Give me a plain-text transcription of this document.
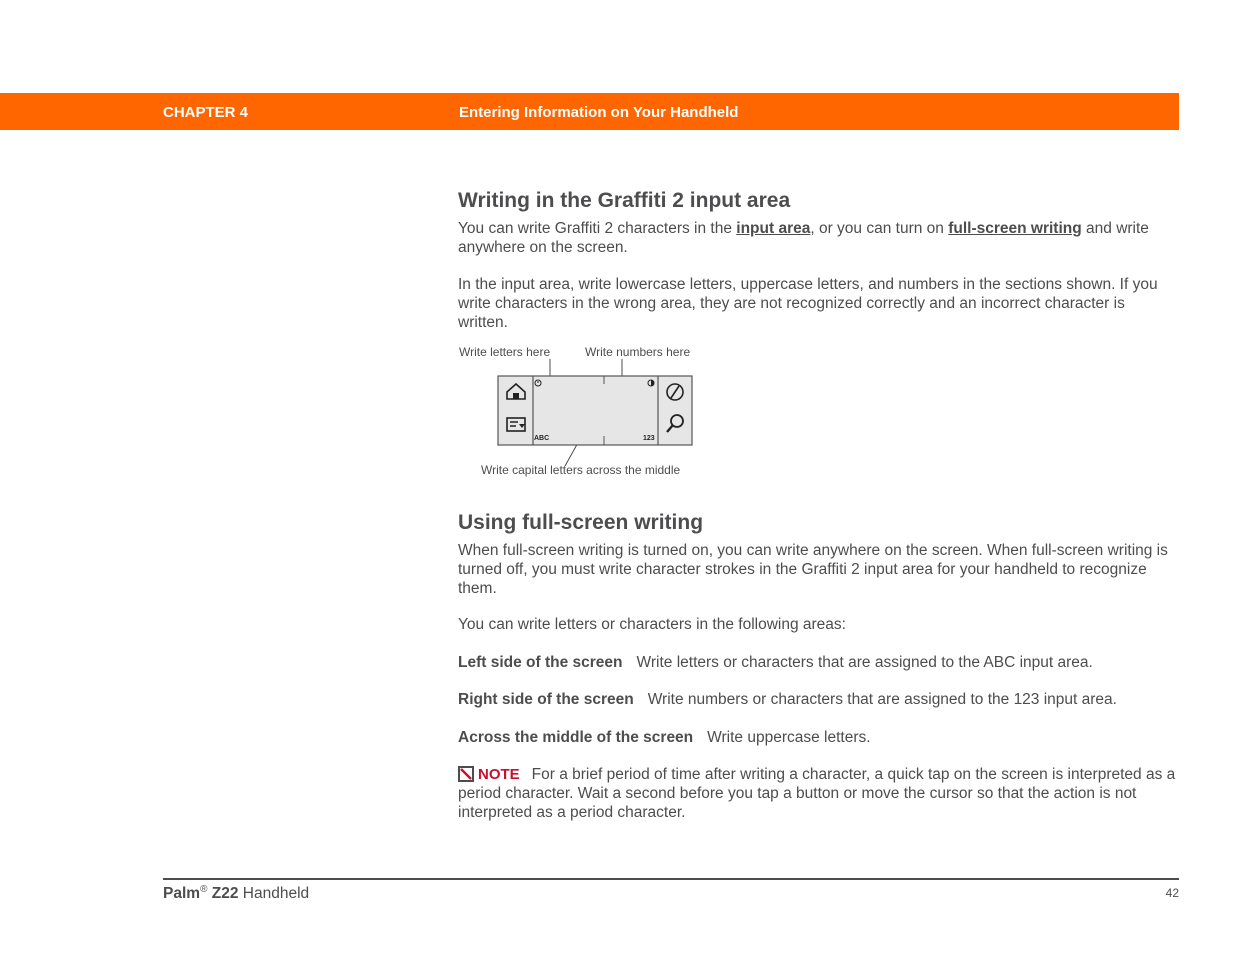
CHAPTER 4	Entering Information on Your Handheld
Writing in the Graffiti 2 input area

You can write Graffiti 2 characters in the input area, or you can turn on full-screen writing and write anywhere on the screen.

In the input area, write lowercase letters, uppercase letters, and numbers in the sections shown. If you write characters in the wrong area, they are not recognized correctly and an incorrect character is written.

Write letters here	Write numbers here
Write capital letters across the middle
ABC	123
Using full-screen writing

When full-screen writing is turned on, you can write anywhere on the screen. When full-screen writing is turned off, you must write character strokes in the Graffiti 2 input area for your handheld to recognize them.

You can write letters or characters in the following areas:

Left side of the screen Write letters or characters that are assigned to the ABC input area.

Right side of the screen Write numbers or characters that are assigned to the 123 input area.

Across the middle of the screen Write uppercase letters.

NOTE For a brief period of time after writing a character, a quick tap on the screen is interpreted as a period character. Wait a second before you tap a button or move the cursor so that the action is not interpreted as a period character.

Palm® Z22 Handheld	42
